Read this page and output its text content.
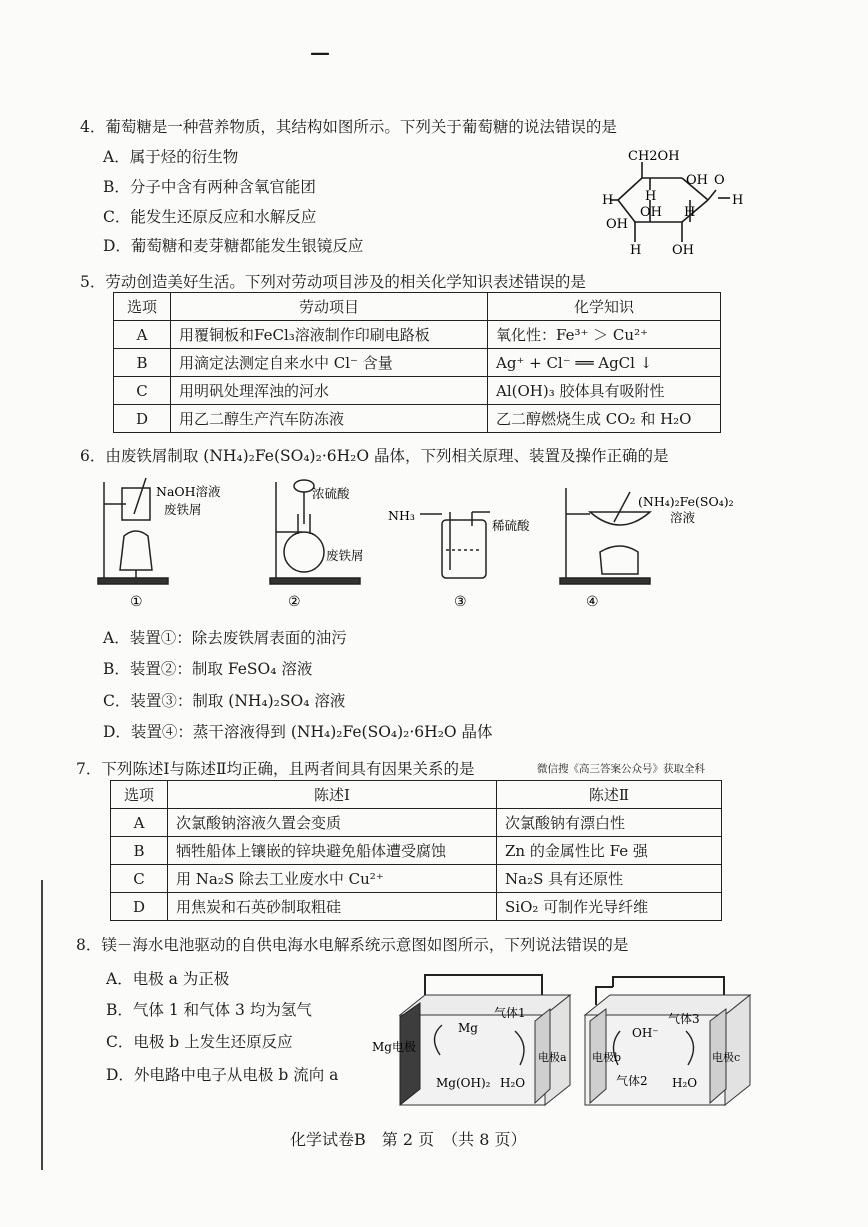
—
4．葡萄糖是一种营养物质，其结构如图所示。下列关于葡萄糖的说法错误的是
A．属于烃的衍生物
B．分子中含有两种含氧官能团
C．能发生还原反应和水解反应
D．葡萄糖和麦芽糖都能发生银镜反应
CH2OH
OH
H
H
OH H
OH
H OH
O
H
5．劳动创造美好生活。下列对劳动项目涉及的相关化学知识表述错误的是
选项	劳动项目	化学知识
A	用覆铜板和FeCl₃溶液制作印刷电路板	氧化性：Fe³⁺ ＞ Cu²⁺
B	用滴定法测定自来水中 Cl⁻ 含量	Ag⁺ + Cl⁻ ══ AgCl ↓
C	用明矾处理浑浊的河水	Al(OH)₃ 胶体具有吸附性
D	用乙二醇生产汽车防冻液	乙二醇燃烧生成 CO₂ 和 H₂O
6．由废铁屑制取 (NH₄)₂Fe(SO₄)₂·6H₂O 晶体，下列相关原理、装置及操作正确的是
NaOH溶液
废铁屑
浓硫酸
废铁屑
NH₃
稀硫酸
(NH₄)₂Fe(SO₄)₂
溶液
①	②	③	④
A．装置①：除去废铁屑表面的油污
B．装置②：制取 FeSO₄ 溶液
C．装置③：制取 (NH₄)₂SO₄ 溶液
D．装置④：蒸干溶液得到 (NH₄)₂Fe(SO₄)₂·6H₂O 晶体
7．下列陈述Ⅰ与陈述Ⅱ均正确，且两者间具有因果关系的是	微信搜《高三答案公众号》获取全科
选项	陈述Ⅰ	陈述Ⅱ
A	次氯酸钠溶液久置会变质	次氯酸钠有漂白性
B	牺牲船体上镶嵌的锌块避免船体遭受腐蚀	Zn 的金属性比 Fe 强
C	用 Na₂S 除去工业废水中 Cu²⁺	Na₂S 具有还原性
D	用焦炭和石英砂制取粗硅	SiO₂ 可制作光导纤维
8．镁－海水电池驱动的自供电海水电解系统示意图如图所示，下列说法错误的是
A．电极 a 为正极
B．气体 1 和气体 3 均为氢气
C．电极 b 上发生还原反应
D．外电路中电子从电极 b 流向 a
Mg电极
Mg
气体1
Mg(OH)₂ H₂O
电极a 电极b
OH⁻
气体3
气体2 H₂O
电极c
化学试卷B　第 2 页　（共 8 页）
